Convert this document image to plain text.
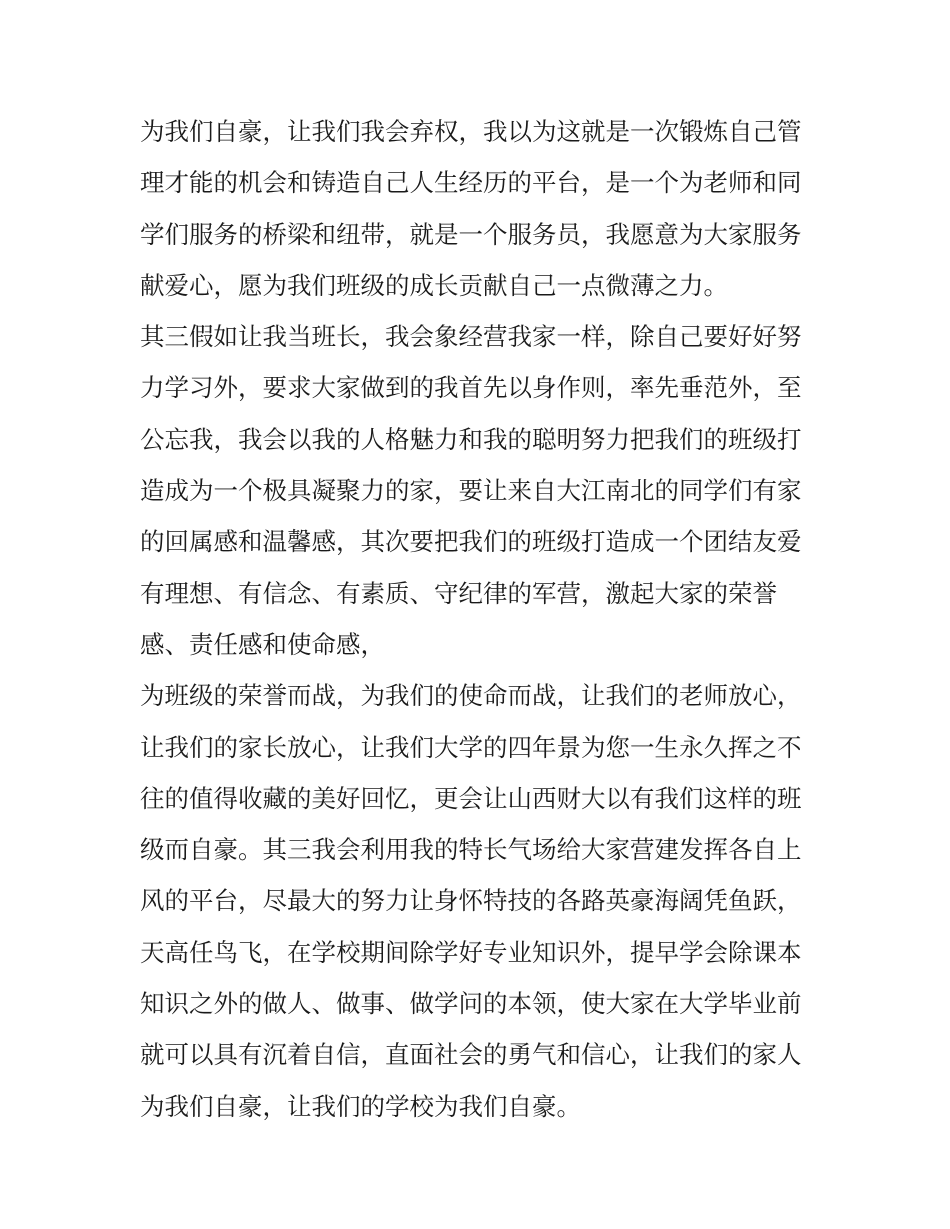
为我们自豪，让我们我会弃权，我以为这就是一次锻炼自己管
理才能的机会和铸造自己人生经历的平台，是一个为老师和同
学们服务的桥梁和纽带，就是一个服务员，我愿意为大家服务
献爱心，愿为我们班级的成长贡献自己一点微薄之力。
其三假如让我当班长，我会象经营我家一样，除自己要好好努
力学习外，要求大家做到的我首先以身作则，率先垂范外，至
公忘我，我会以我的人格魅力和我的聪明努力把我们的班级打
造成为一个极具凝聚力的家，要让来自大江南北的同学们有家
的回属感和温馨感，其次要把我们的班级打造成一个团结友爱
有理想、有信念、有素质、守纪律的军营，激起大家的荣誉
感、责任感和使命感，
为班级的荣誉而战，为我们的使命而战，让我们的老师放心，
让我们的家长放心，让我们大学的四年景为您一生永久挥之不
往的值得收藏的美好回忆，更会让山西财大以有我们这样的班
级而自豪。其三我会利用我的特长气场给大家营建发挥各自上
风的平台，尽最大的努力让身怀特技的各路英豪海阔凭鱼跃，
天高任鸟飞，在学校期间除学好专业知识外，提早学会除课本
知识之外的做人、做事、做学问的本领，使大家在大学毕业前
就可以具有沉着自信，直面社会的勇气和信心，让我们的家人
为我们自豪，让我们的学校为我们自豪。
